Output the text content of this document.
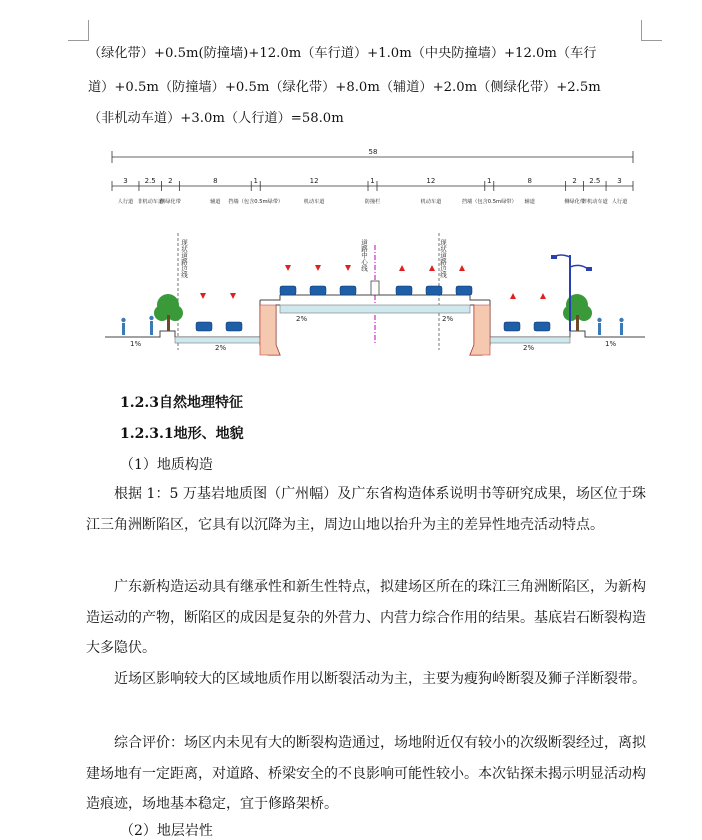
（绿化带）+0.5m(防撞墙)+12.0m（车行道）+1.0m（中央防撞墙）+12.0m（车行
道）+0.5m（防撞墙）+0.5m（绿化带）+8.0m（辅道）+2.0m（侧绿化带）+2.5m
（非机动车道）+3.0m（人行道）=58.0m
58
3 2.5 2	8	1	12	1	12	1	8	2 2.5 3
人行道 非机动车道
侧绿化带	辅道 挡墙（包含0.5m绿带）	机动车道	防撞栏	机动车道	挡墙（包含0.5m绿带） 辅道	侧绿化带
非机动车道 人行道
现状道路边线	道路中心线	现状道路边线
1%	2%
2%	2%
2%	1%
1.2.3自然地理特征
1.2.3.1地形、地貌
（1）地质构造
根据 1：5 万基岩地质图（广州幅）及广东省构造体系说明书等研究成果，场区位于珠江三角洲断陷区，它具有以沉降为主，周边山地以抬升为主的差异性地壳活动特点。
广东新构造运动具有继承性和新生性特点，拟建场区所在的珠江三角洲断陷区，为新构造运动的产物，断陷区的成因是复杂的外营力、内营力综合作用的结果。基底岩石断裂构造大多隐伏。
近场区影响较大的区域地质作用以断裂活动为主，主要为瘦狗岭断裂及狮子洋断裂带。
综合评价：场区内未见有大的断裂构造通过，场地附近仅有较小的次级断裂经过，离拟建场地有一定距离，对道路、桥梁安全的不良影响可能性较小。本次钻探未揭示明显活动构造痕迹，场地基本稳定，宜于修路架桥。
（2）地层岩性
